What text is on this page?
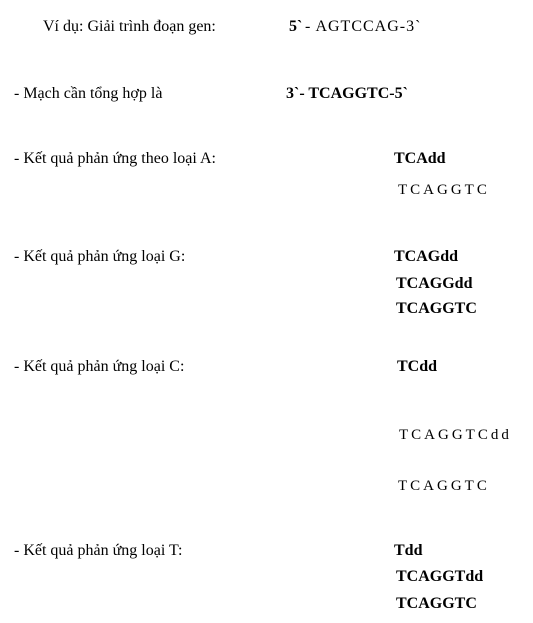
Ví dụ: Giải trình đoạn gen:	5` - AGTCCAG-3`
- Mạch cần tổng hợp là	3`- TCAGGTC-5`
- Kết quả phản ứng theo loại A:	TCAdd
TCAGGTC
- Kết quả phản ứng loại G:	TCAGdd
TCAGGdd
TCAGGTC
- Kết quả phản ứng loại C:	TCdd
TCAGGTCdd
TCAGGTC
- Kết quả phản ứng loại T:	Tdd
TCAGGTdd
TCAGGTC
